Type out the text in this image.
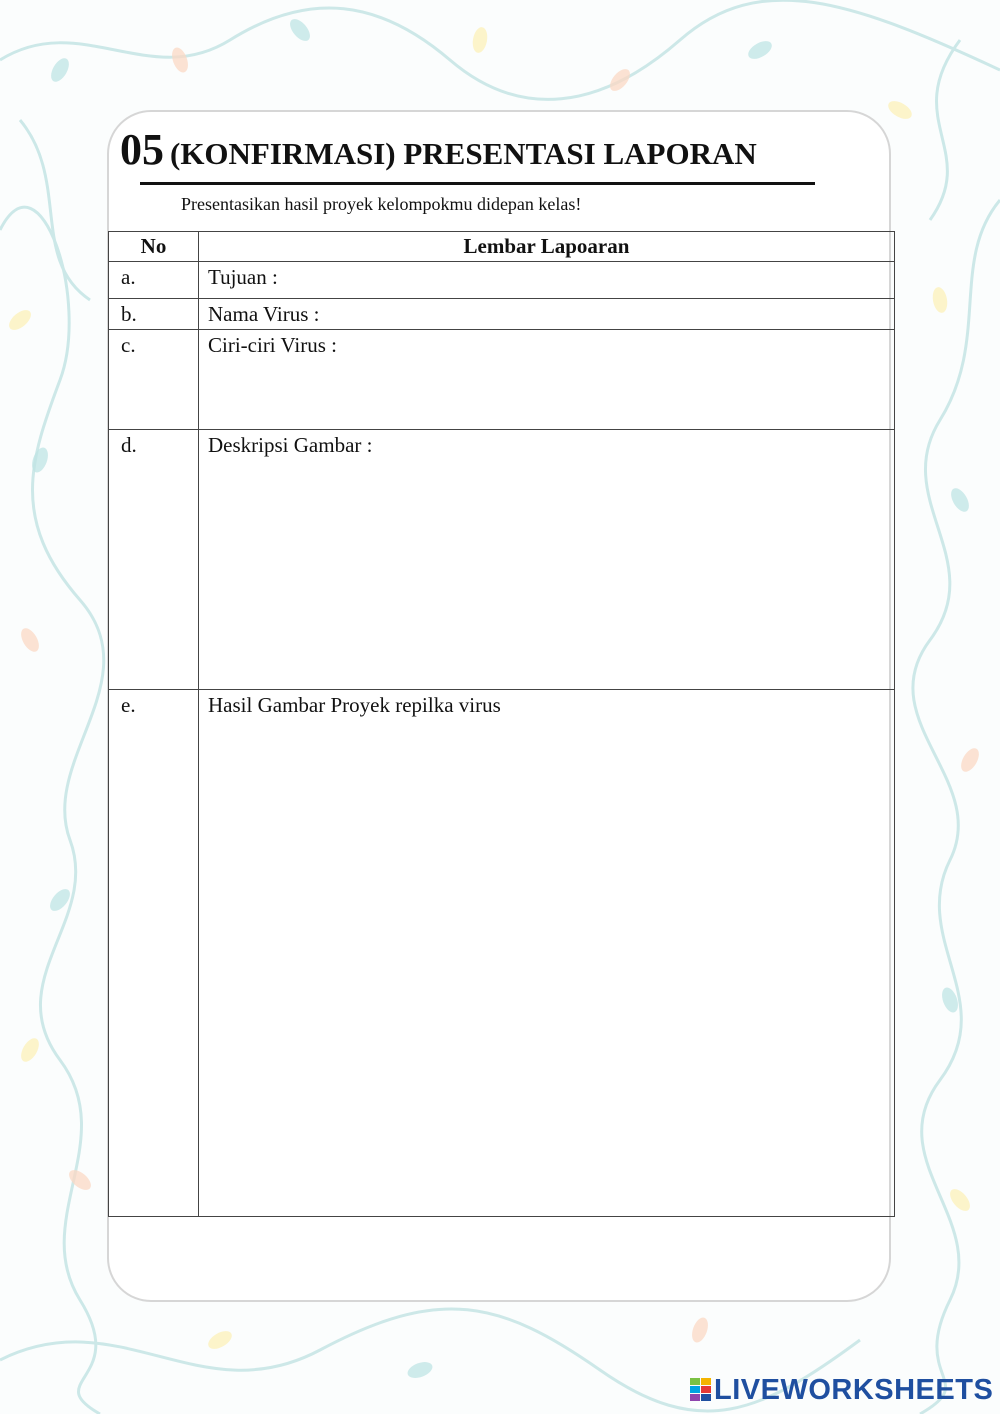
05 (KONFIRMASI) PRESENTASI LAPORAN
Presentasikan hasil proyek kelompokmu didepan kelas!
No	Lembar Lapoaran
a.	Tujuan :
b.	Nama Virus :
c.	Ciri-ciri Virus :
d.	Deskripsi Gambar :
e.	Hasil Gambar Proyek repilka virus
LIVEWORKSHEETS
